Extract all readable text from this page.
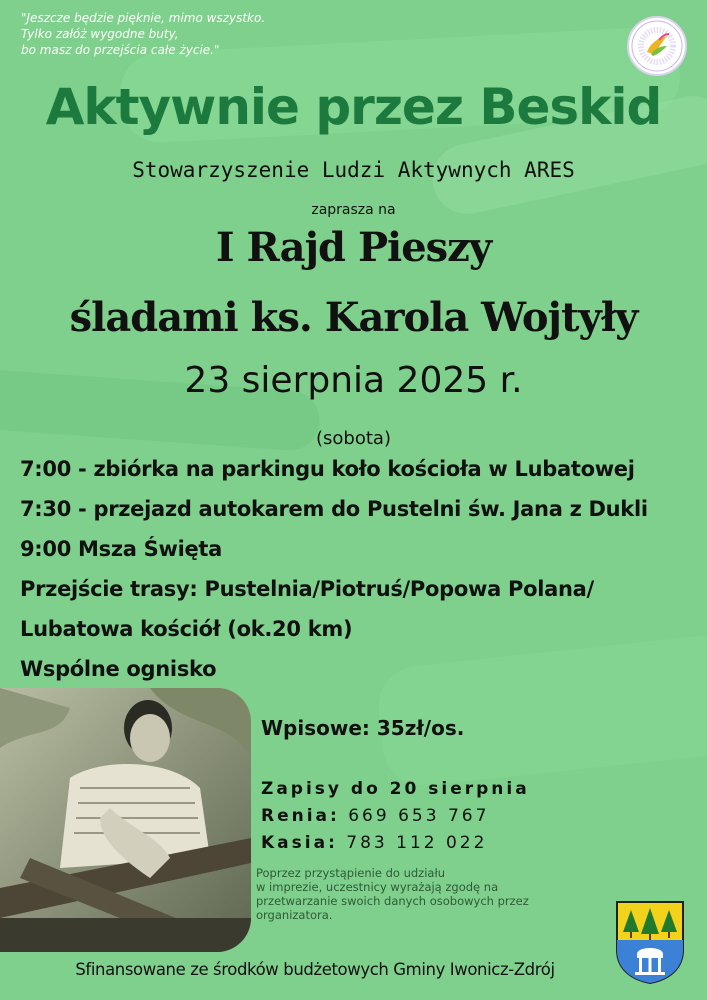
"Jeszcze będzie pięknie, mimo wszystko.
Tylko załóż wygodne buty,
bo masz do przejścia całe życie."
Aktywnie przez Beskid
Stowarzyszenie Ludzi Aktywnych ARES
zaprasza na
I Rajd Pieszy
śladami ks. Karola Wojtyły
23 sierpnia 2025 r.
(sobota)
7:00 - zbiórka na parkingu koło kościoła w Lubatowej
7:30 - przejazd autokarem do Pustelni św. Jana z Dukli
9:00 Msza Święta
Przejście trasy: Pustelnia/Piotruś/Popowa Polana/
Lubatowa kościół (ok.20 km)
Wspólne ognisko
Wpisowe: 35zł/os.
Zapisy do 20 sierpnia
Renia: 669 653 767
Kasia: 783 112 022
Poprzez przystąpienie do udziału
w imprezie, uczestnicy wyrażają zgodę na
przetwarzanie swoich danych osobowych przez
organizatora.
Sfinansowane ze środków budżetowych Gminy Iwonicz-Zdrój
